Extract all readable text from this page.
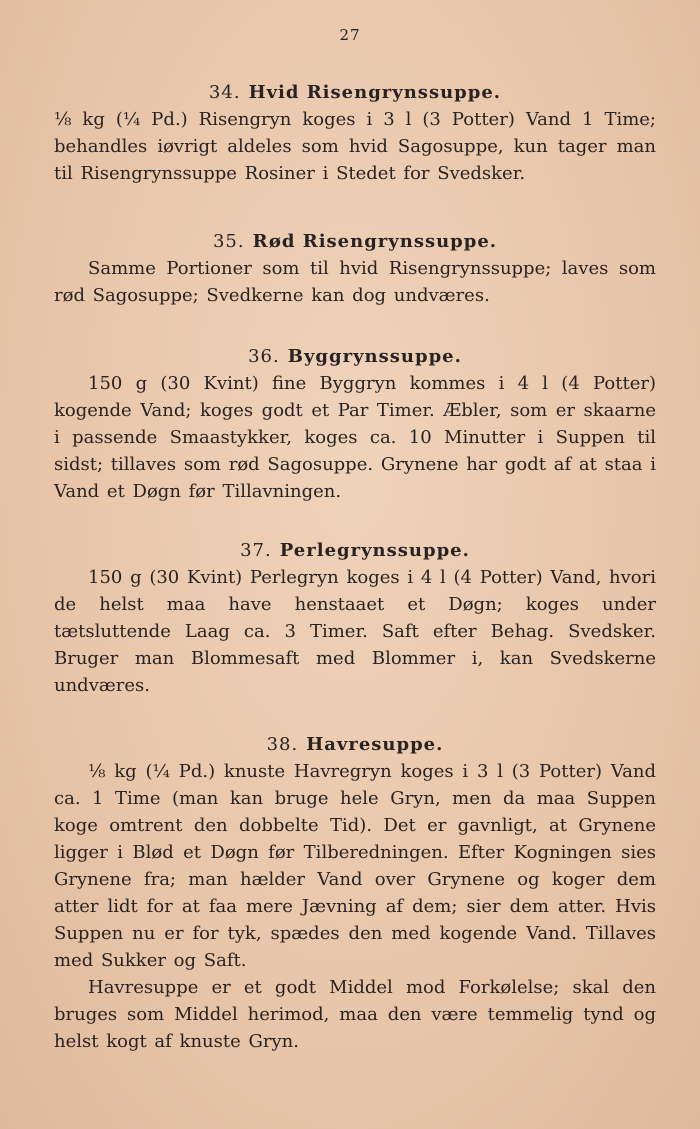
27
34. Hvid Risengrynssuppe.

⅛ kg (¼ Pd.) Risengryn koges i 3 l (3 Potter) Vand 1 Time; behandles iøvrigt aldeles som hvid Sagosuppe, kun tager man til Risengrynssuppe Rosiner i Stedet for Svedsker.

35. Rød Risengrynssuppe.

Samme Portioner som til hvid Risengrynssuppe; laves som rød Sagosuppe; Svedkerne kan dog undværes.

36. Byggrynssuppe.

150 g (30 Kvint) fine Byggryn kommes i 4 l (4 Potter) kogende Vand; koges godt et Par Timer. Æbler, som er skaarne i passende Smaastykker, koges ca. 10 Minutter i Suppen til sidst; tillaves som rød Sagosuppe. Grynene har godt af at staa i Vand et Døgn før Tillavningen.

37. Perlegrynssuppe.

150 g (30 Kvint) Perlegryn koges i 4 l (4 Potter) Vand, hvori de helst maa have henstaaet et Døgn; koges under tætsluttende Laag ca. 3 Timer. Saft efter Behag. Svedsker. Bruger man Blommesaft med Blommer i, kan Svedskerne undværes.

38. Havresuppe.

⅛ kg (¼ Pd.) knuste Havregryn koges i 3 l (3 Potter) Vand ca. 1 Time (man kan bruge hele Gryn, men da maa Suppen koge omtrent den dobbelte Tid). Det er gavnligt, at Grynene ligger i Blød et Døgn før Tilberedningen. Efter Kogningen sies Grynene fra; man hælder Vand over Grynene og koger dem atter lidt for at faa mere Jævning af dem; sier dem atter. Hvis Suppen nu er for tyk, spædes den med kogende Vand. Tillaves med Sukker og Saft.

Havresuppe er et godt Middel mod Forkølelse; skal den bruges som Middel herimod, maa den være temmelig tynd og helst kogt af knuste Gryn.
